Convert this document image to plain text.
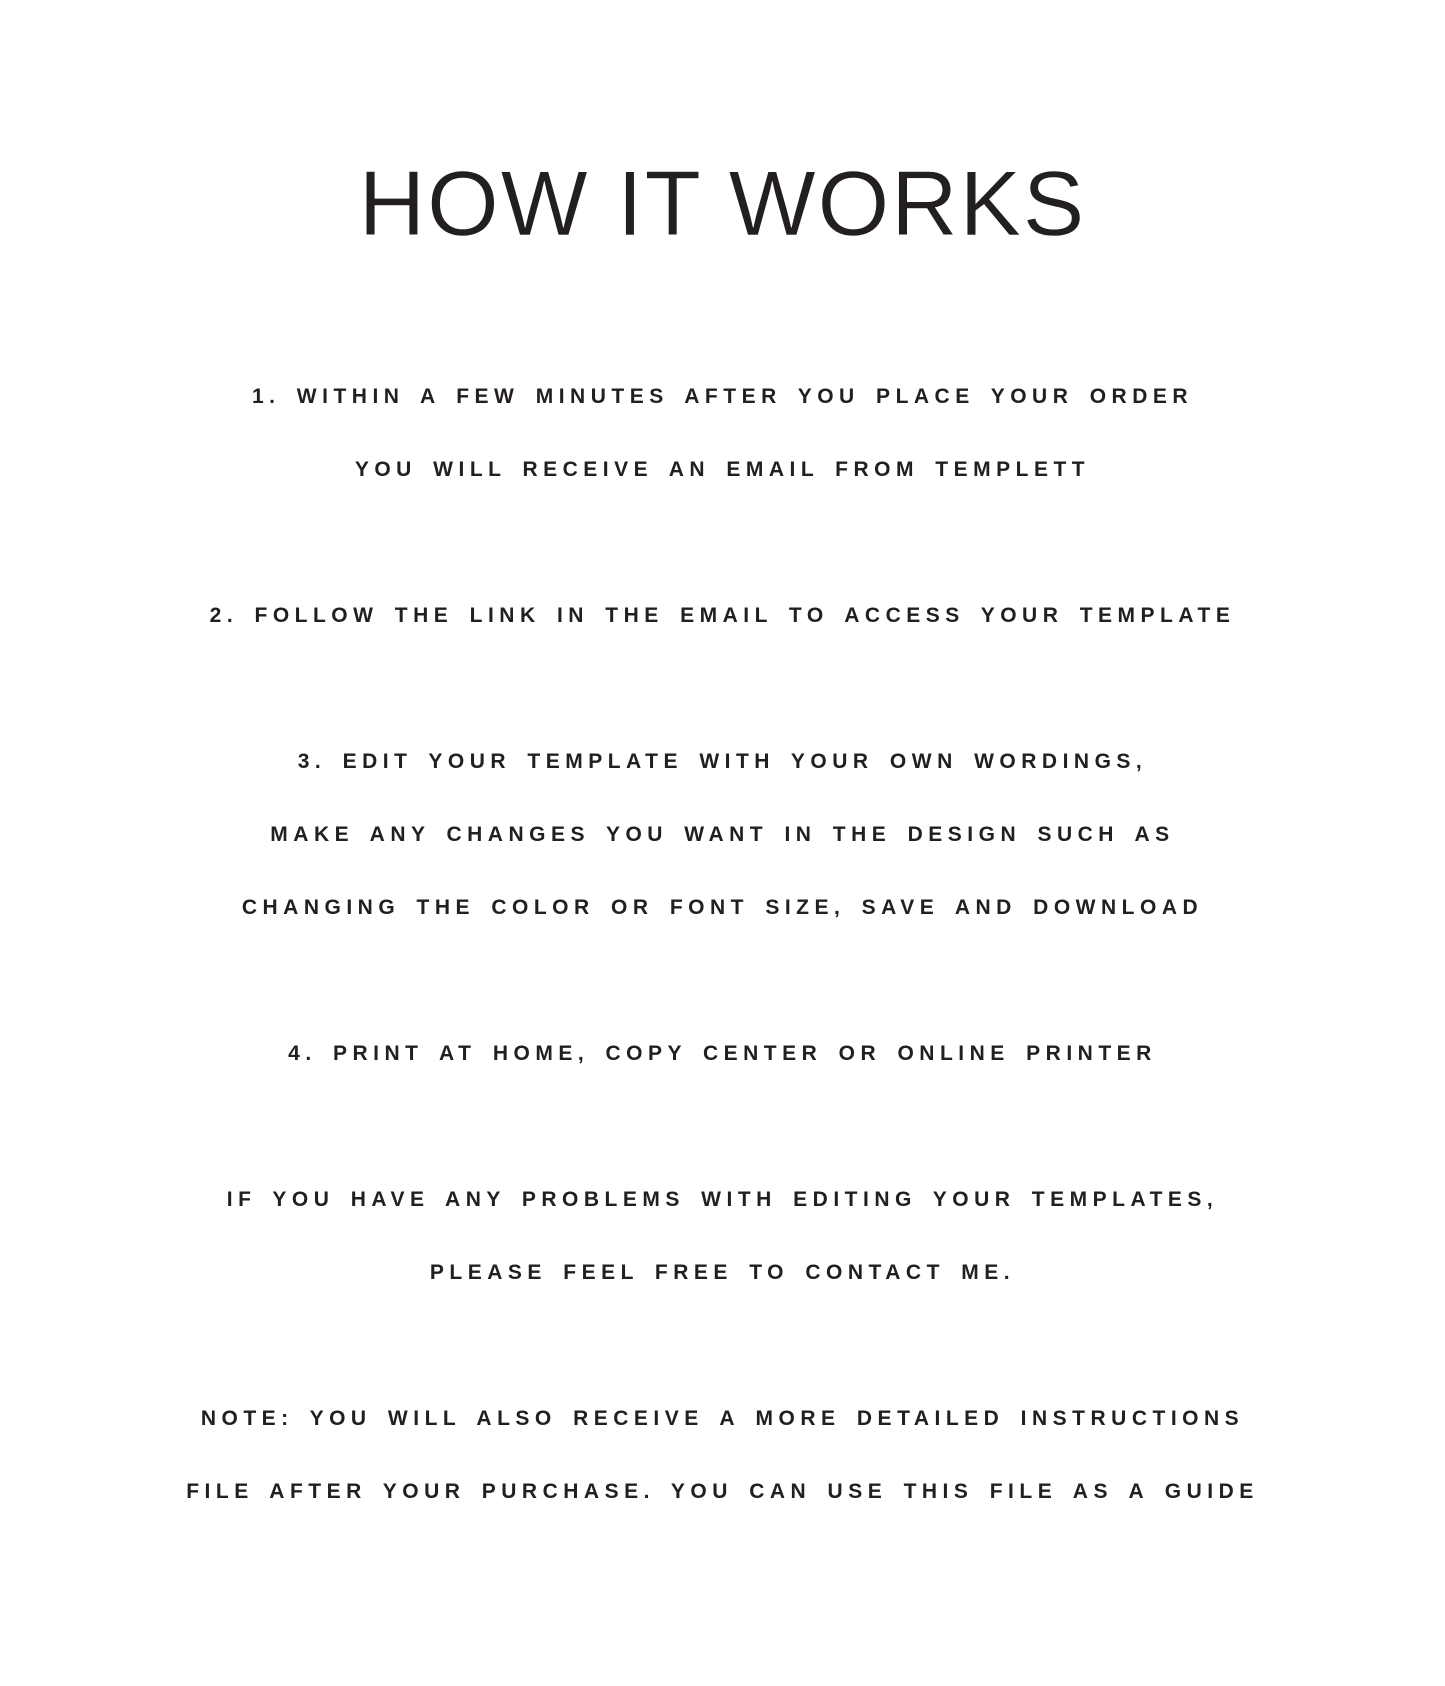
HOW IT WORKS

1. WITHIN A FEW MINUTES AFTER YOU PLACE YOUR ORDER

YOU WILL RECEIVE AN EMAIL FROM TEMPLETT

2. FOLLOW THE LINK IN THE EMAIL TO ACCESS YOUR TEMPLATE

3. EDIT YOUR TEMPLATE WITH YOUR OWN WORDINGS,

MAKE ANY CHANGES YOU WANT IN THE DESIGN SUCH AS

CHANGING THE COLOR OR FONT SIZE, SAVE AND DOWNLOAD

4. PRINT AT HOME, COPY CENTER OR ONLINE PRINTER

IF YOU HAVE ANY PROBLEMS WITH EDITING YOUR TEMPLATES,

PLEASE FEEL FREE TO CONTACT ME.

NOTE: YOU WILL ALSO RECEIVE A MORE DETAILED INSTRUCTIONS

FILE AFTER YOUR PURCHASE. YOU CAN USE THIS FILE AS A GUIDE
